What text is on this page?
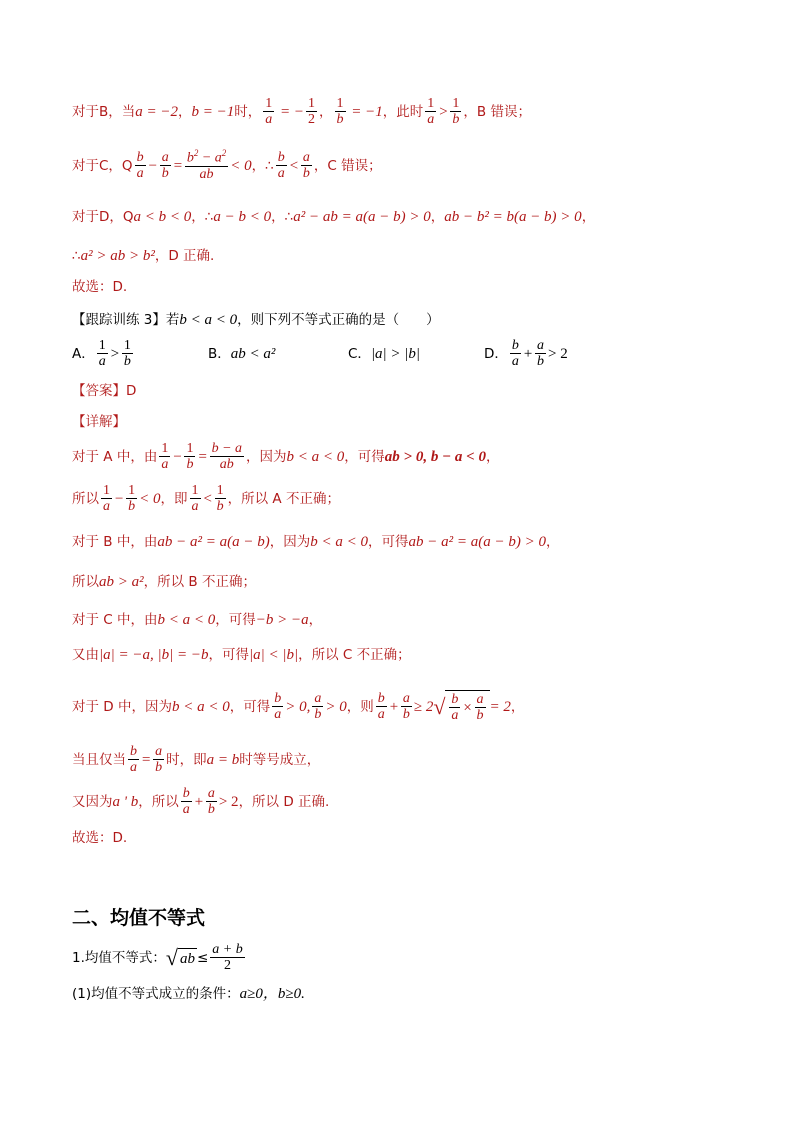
对于B，当 a = −2 ， b = −1 时， $\frac{1}{a}$ = − $\frac{1}{2}$ ， $\frac{1}{b} = -1$ ，此时 $\frac{1}{a} > \frac{1}{b}$ ，B 错误；
对于C，Q $\frac{b}{a} - \frac{a}{b} = \frac{b^2 - a^2}{ab} < 0$ ， ∴ $\frac{b}{a} < \frac{a}{b}$ ，C 错误；
对于D，Q a < b < 0 ，∴ a − b < 0 ，∴ a² − ab = a(a − b) > 0 ， ab − b² = b(a − b) > 0 ，
∴ a² > ab > b² ，D 正确.
故选：D.
【跟踪训练 3】若 b < a < 0 ，则下列不等式正确的是（　　）
A． $\frac{1}{a} > \frac{1}{b}$	B． ab < a²	C． |a| > |b|	D． $\frac{b}{a} + \frac{a}{b} > 2$
【答案】D
【详解】
对于 A 中，由 $\frac{1}{a} - \frac{1}{b} = \frac{b - a}{ab}$ ，因为 b < a < 0 ，可得 ab > 0, b − a < 0 ，
所以 $\frac{1}{a} - \frac{1}{b} < 0$ ，即 $\frac{1}{a} < \frac{1}{b}$ ，所以 A 不正确；
对于 B 中，由 ab − a² = a(a − b) ，因为 b < a < 0 ，可得 ab − a² = a(a − b) > 0 ，
所以 ab > a² ，所以 B 不正确；
对于 C 中，由 b < a < 0 ，可得 −b > −a ，
又由 |a| = −a, |b| = −b ，可得 |a| < |b| ，所以 C 不正确；
对于 D 中，因为 b < a < 0 ，可得 $\frac{b}{a} > 0$, $\frac{a}{b} > 0$ ，则 $\frac{b}{a} + \frac{a}{b} \ge 2$ √ $\frac{b}{a} \times \frac{a}{b} = 2$ ，
当且仅当 $\frac{b}{a} = \frac{a}{b}$ 时，即 a = b 时等号成立，
又因为 a ʹ b ，所以 $\frac{b}{a} + \frac{a}{b} > 2$ ，所以 D 正确.
故选：D.
二、均值不等式
1.均值不等式： √ ab ≤ $\frac{a + b}{2}$
(1)均值不等式成立的条件： a≥0，b≥0.
